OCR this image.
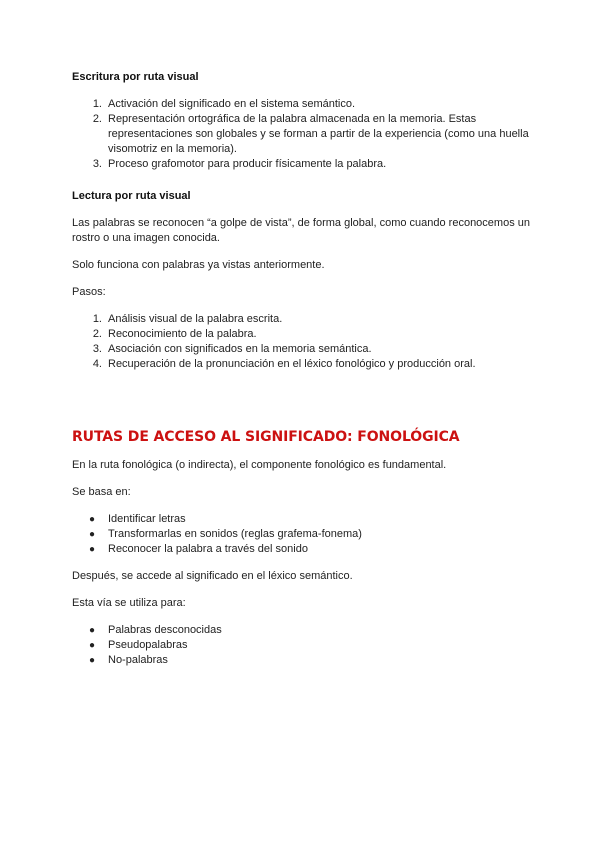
Escritura por ruta visual
1. Activación del significado en el sistema semántico.
2. Representación ortográfica de la palabra almacenada en la memoria. Estas representaciones son globales y se forman a partir de la experiencia (como una huella visomotriz en la memoria).
3. Proceso grafomotor para producir físicamente la palabra.
Lectura por ruta visual

Las palabras se reconocen “a golpe de vista”, de forma global, como cuando reconocemos un rostro o una imagen conocida.

Solo funciona con palabras ya vistas anteriormente.

Pasos:

1. Análisis visual de la palabra escrita.
2. Reconocimiento de la palabra.
3. Asociación con significados en la memoria semántica.
4. Recuperación de la pronunciación en el léxico fonológico y producción oral.
RUTAS DE ACCESO AL SIGNIFICADO: FONOLÓGICA

En la ruta fonológica (o indirecta), el componente fonológico es fundamental.

Se basa en:

● Identificar letras
● Transformarlas en sonidos (reglas grafema-fonema)
● Reconocer la palabra a través del sonido

Después, se accede al significado en el léxico semántico.

Esta vía se utiliza para:

● Palabras desconocidas
● Pseudopalabras
● No-palabras
